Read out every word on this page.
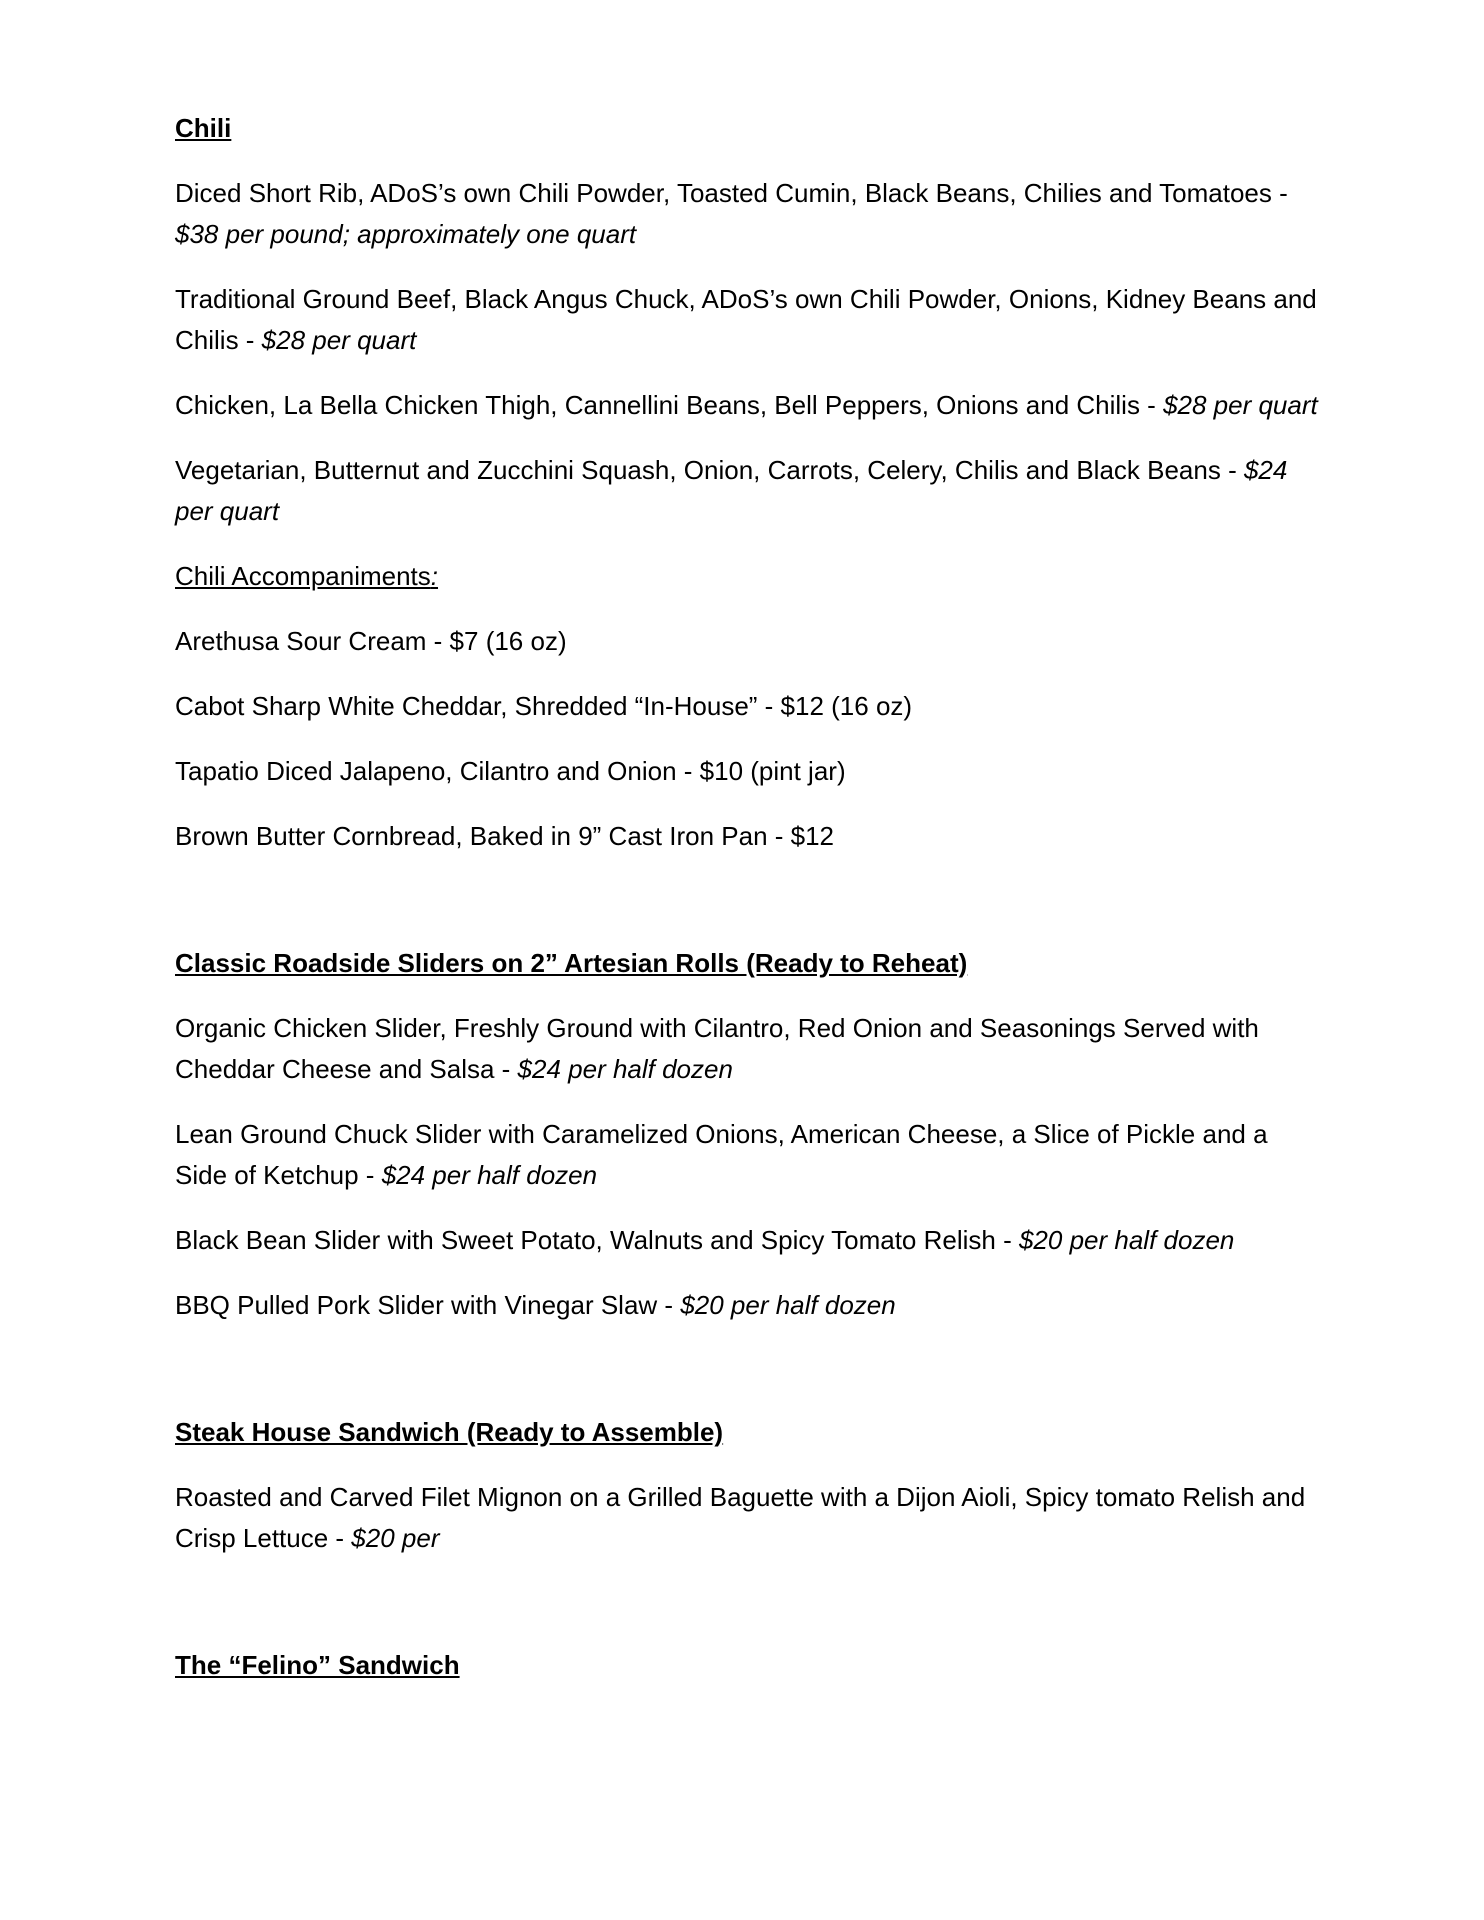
Chili

Diced Short Rib, ADoS’s own Chili Powder, Toasted Cumin, Black Beans, Chilies and Tomatoes - $38 per pound; approximately one quart

Traditional Ground Beef, Black Angus Chuck, ADoS’s own Chili Powder, Onions, Kidney Beans and Chilis - $28 per quart

Chicken, La Bella Chicken Thigh, Cannellini Beans, Bell Peppers, Onions and Chilis - $28 per quart

Vegetarian, Butternut and Zucchini Squash, Onion, Carrots, Celery, Chilis and Black Beans - $24 per quart

Chili Accompaniments:

Arethusa Sour Cream - $7 (16 oz)

Cabot Sharp White Cheddar, Shredded “In-House” - $12 (16 oz)

Tapatio Diced Jalapeno, Cilantro and Onion - $10 (pint jar)

Brown Butter Cornbread, Baked in 9” Cast Iron Pan - $12

Classic Roadside Sliders on 2” Artesian Rolls (Ready to Reheat)

Organic Chicken Slider, Freshly Ground with Cilantro, Red Onion and Seasonings Served with Cheddar Cheese and Salsa - $24 per half dozen

Lean Ground Chuck Slider with Caramelized Onions, American Cheese, a Slice of Pickle and a Side of Ketchup - $24 per half dozen

Black Bean Slider with Sweet Potato, Walnuts and Spicy Tomato Relish - $20 per half dozen

BBQ Pulled Pork Slider with Vinegar Slaw - $20 per half dozen

Steak House Sandwich (Ready to Assemble)

Roasted and Carved Filet Mignon on a Grilled Baguette with a Dijon Aioli, Spicy tomato Relish and Crisp Lettuce - $20 per

The “Felino” Sandwich
